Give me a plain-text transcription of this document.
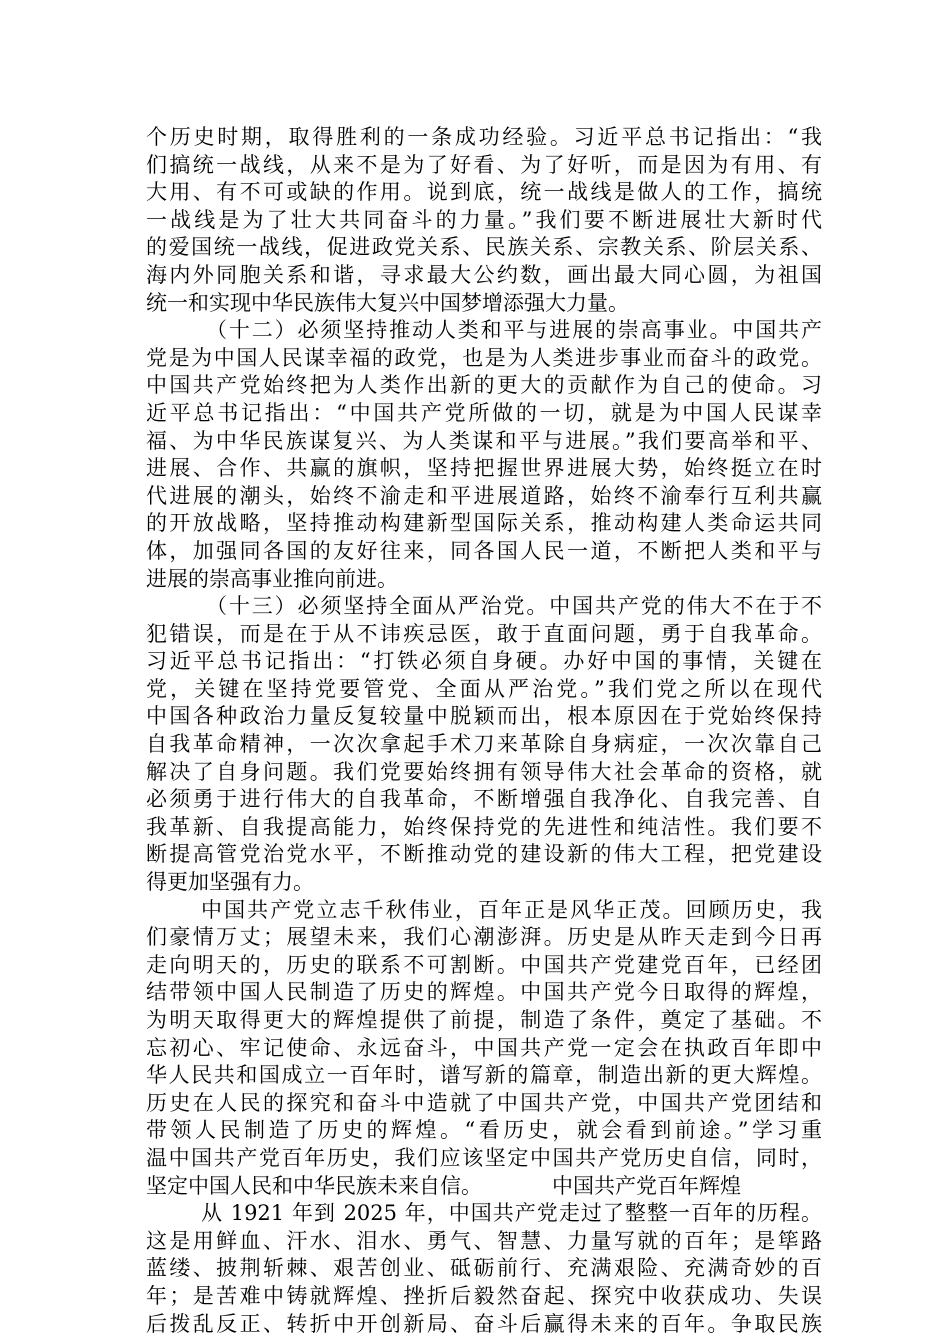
个历史时期，取得胜利的一条成功经验。习近平总书记指出：“我
们搞统一战线，从来不是为了好看、为了好听，而是因为有用、有
大用、有不可或缺的作用。说到底，统一战线是做人的工作，搞统
一战线是为了壮大共同奋斗的力量。”我们要不断进展壮大新时代
的爱国统一战线，促进政党关系、民族关系、宗教关系、阶层关系、
海内外同胞关系和谐，寻求最大公约数，画出最大同心圆，为祖国
统一和实现中华民族伟大复兴中国梦增添强大力量。
（十二）必须坚持推动人类和平与进展的崇高事业。中国共产
党是为中国人民谋幸福的政党，也是为人类进步事业而奋斗的政党。
中国共产党始终把为人类作出新的更大的贡献作为自己的使命。习
近平总书记指出：“中国共产党所做的一切，就是为中国人民谋幸
福、为中华民族谋复兴、为人类谋和平与进展。”我们要高举和平、
进展、合作、共赢的旗帜，坚持把握世界进展大势，始终挺立在时
代进展的潮头，始终不渝走和平进展道路，始终不渝奉行互利共赢
的开放战略，坚持推动构建新型国际关系，推动构建人类命运共同
体，加强同各国的友好往来，同各国人民一道，不断把人类和平与
进展的崇高事业推向前进。
（十三）必须坚持全面从严治党。中国共产党的伟大不在于不
犯错误，而是在于从不讳疾忌医，敢于直面问题，勇于自我革命。
习近平总书记指出：“打铁必须自身硬。办好中国的事情，关键在
党，关键在坚持党要管党、全面从严治党。”我们党之所以在现代
中国各种政治力量反复较量中脱颖而出，根本原因在于党始终保持
自我革命精神，一次次拿起手术刀来革除自身病症，一次次靠自己
解决了自身问题。我们党要始终拥有领导伟大社会革命的资格，就
必须勇于进行伟大的自我革命，不断增强自我净化、自我完善、自
我革新、自我提高能力，始终保持党的先进性和纯洁性。我们要不
断提高管党治党水平，不断推动党的建设新的伟大工程，把党建设
得更加坚强有力。
中国共产党立志千秋伟业，百年正是风华正茂。回顾历史，我
们豪情万丈；展望未来，我们心潮澎湃。历史是从昨天走到今日再
走向明天的，历史的联系不可割断。中国共产党建党百年，已经团
结带领中国人民制造了历史的辉煌。中国共产党今日取得的辉煌，
为明天取得更大的辉煌提供了前提，制造了条件，奠定了基础。不
忘初心、牢记使命、永远奋斗，中国共产党一定会在执政百年即中
华人民共和国成立一百年时，谱写新的篇章，制造出新的更大辉煌。
历史在人民的探究和奋斗中造就了中国共产党，中国共产党团结和
带领人民制造了历史的辉煌。“看历史，就会看到前途。”学习重
温中国共产党百年历史，我们应该坚定中国共产党历史自信，同时，
坚定中国人民和中华民族未来自信。	中国共产党百年辉煌
从 1921 年到 2025 年，中国共产党走过了整整一百年的历程。
这是用鲜血、汗水、泪水、勇气、智慧、力量写就的百年；是筚路
蓝缕、披荆斩棘、艰苦创业、砥砺前行、充满艰险、充满奇妙的百
年；是苦难中铸就辉煌、挫折后毅然奋起、探究中收获成功、失误
后拨乱反正、转折中开创新局、奋斗后赢得未来的百年。争取民族
